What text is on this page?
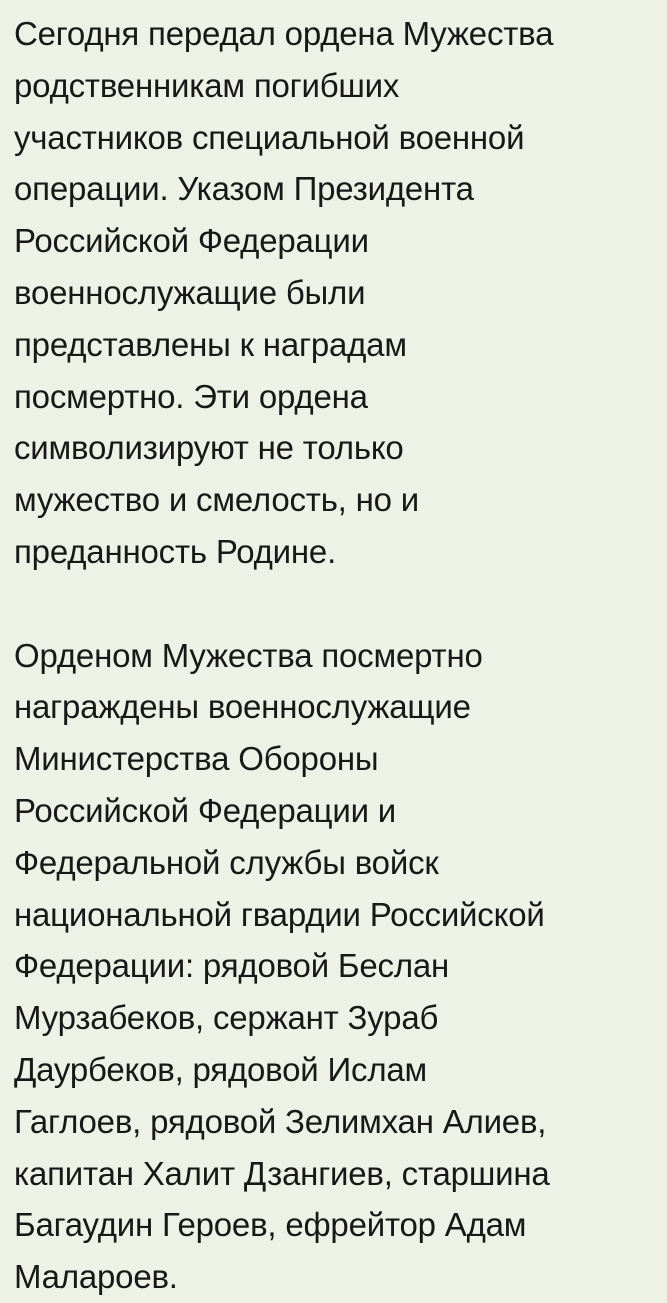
Сегодня передал ордена Мужества
родственникам погибших
участников специальной военной
операции. Указом Президента
Российской Федерации
военнослужащие были
представлены к наградам
посмертно. Эти ордена
символизируют не только
мужество и смелость, но и
преданность Родине.
Орденом Мужества посмертно
награждены военнослужащие
Министерства Обороны
Российской Федерации и
Федеральной службы войск
национальной гвардии Российской
Федерации: рядовой Беслан
Мурзабеков, сержант Зураб
Даурбеков, рядовой Ислам
Гаглоев, рядовой Зелимхан Алиев,
капитан Халит Дзангиев, старшина
Багаудин Героев, ефрейтор Адам
Малароев.
